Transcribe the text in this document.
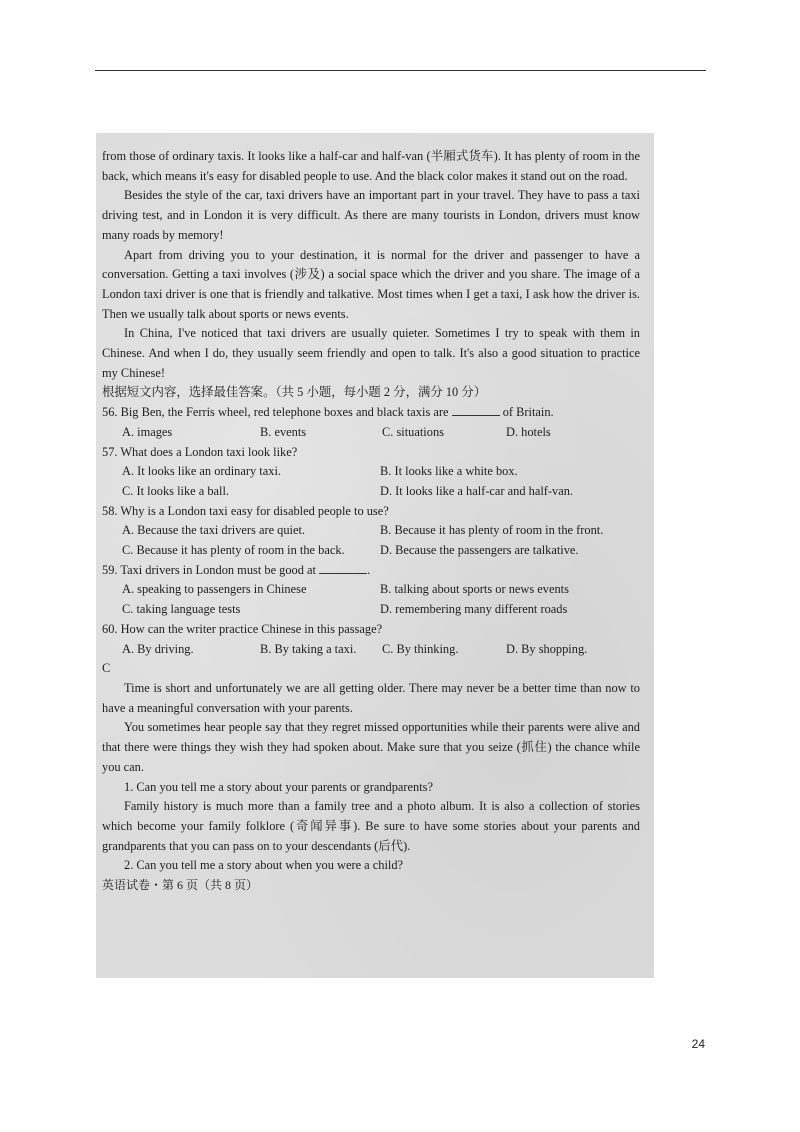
from those of ordinary taxis. It looks like a half-car and half-van (半厢式货车). It has plenty of room in the back, which means it's easy for disabled people to use. And the black color makes it stand out on the road.

Besides the style of the car, taxi drivers have an important part in your travel. They have to pass a taxi driving test, and in London it is very difficult. As there are many tourists in London, drivers must know many roads by memory!

Apart from driving you to your destination, it is normal for the driver and passenger to have a conversation. Getting a taxi involves (涉及) a social space which the driver and you share. The image of a London taxi driver is one that is friendly and talkative. Most times when I get a taxi, I ask how the driver is. Then we usually talk about sports or news events.

In China, I've noticed that taxi drivers are usually quieter. Sometimes I try to speak with them in Chinese. And when I do, they usually seem friendly and open to talk. It's also a good situation to practice my Chinese!

根据短文内容，选择最佳答案。（共 5 小题，每小题 2 分，满分 10 分）

56. Big Ben, the Ferris wheel, red telephone boxes and black taxis are	of Britain.

A. images	B. events	C. situations	D. hotels

57. What does a London taxi look like?

A. It looks like an ordinary taxi.	B. It looks like a white box.
C. It looks like a ball.	D. It looks like a half-car and half-van.

58. Why is a London taxi easy for disabled people to use?

A. Because the taxi drivers are quiet.	B. Because it has plenty of room in the front.
C. Because it has plenty of room in the back.	D. Because the passengers are talkative.

59. Taxi drivers in London must be good at	.

A. speaking to passengers in Chinese	B. talking about sports or news events
C. taking language tests	D. remembering many different roads

60. How can the writer practice Chinese in this passage?

A. By driving.	B. By taking a taxi.	C. By thinking.	D. By shopping.

C

Time is short and unfortunately we are all getting older. There may never be a better time than now to have a meaningful conversation with your parents.

You sometimes hear people say that they regret missed opportunities while their parents were alive and that there were things they wish they had spoken about. Make sure that you seize (抓住) the chance while you can.

1. Can you tell me a story about your parents or grandparents?

Family history is much more than a family tree and a photo album. It is also a collection of stories which become your family folklore (奇闻异事). Be sure to have some stories about your parents and grandparents that you can pass on to your descendants (后代).

2. Can you tell me a story about when you were a child?

英语试卷・第 6 页（共 8 页）

24
